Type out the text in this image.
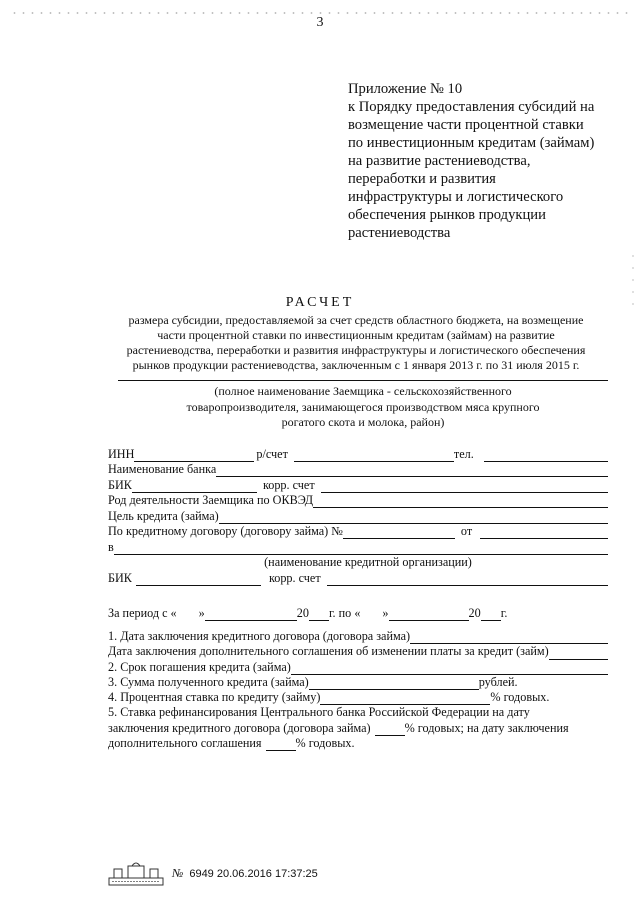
3
Приложение № 10
к Порядку предоставления субсидий на
возмещение части процентной ставки
по инвестиционным кредитам (займам)
на развитие растениеводства,
переработки и развития
инфраструктуры и логистического
обеспечения рынков продукции
растениеводства
РАСЧЕТ
размера субсидии, предоставляемой за счет средств областного бюджета, на возмещение
части процентной ставки по инвестиционным кредитам (займам) на развитие
растениеводства, переработки и развития инфраструктуры и логистического обеспечения
рынков продукции растениеводства, заключенным с 1 января 2013 г. по 31 июля 2015 г.
(полное наименование Заемщика - сельскохозяйственного
товаропроизводителя, занимающегося производством мяса крупного
рогатого скота и молока, район)
ИНН	р/счет	тел.
Наименование банка
БИК	корр. счет
Род деятельности Заемщика по ОКВЭД
Цель кредита (займа)
По кредитному договору (договору займа) №	от
в
(наименование кредитной организации)
БИК	корр. счет
За период с « »	20 г. по « »	20 г.
1. Дата заключения кредитного договора (договора займа)
Дата заключения дополнительного соглашения об изменении платы за кредит (займ)
2. Срок погашения кредита (займа)
3. Сумма полученного кредита (займа)	рублей.
4. Процентная ставка по кредиту (займу)	% годовых.
5. Ставка рефинансирования Центрального банка Российской Федерации на дату
заключения кредитного договора (договора займа)	% годовых; на дату заключения
дополнительного соглашения	% годовых.
№ 6949 20.06.2016 17:37:25
